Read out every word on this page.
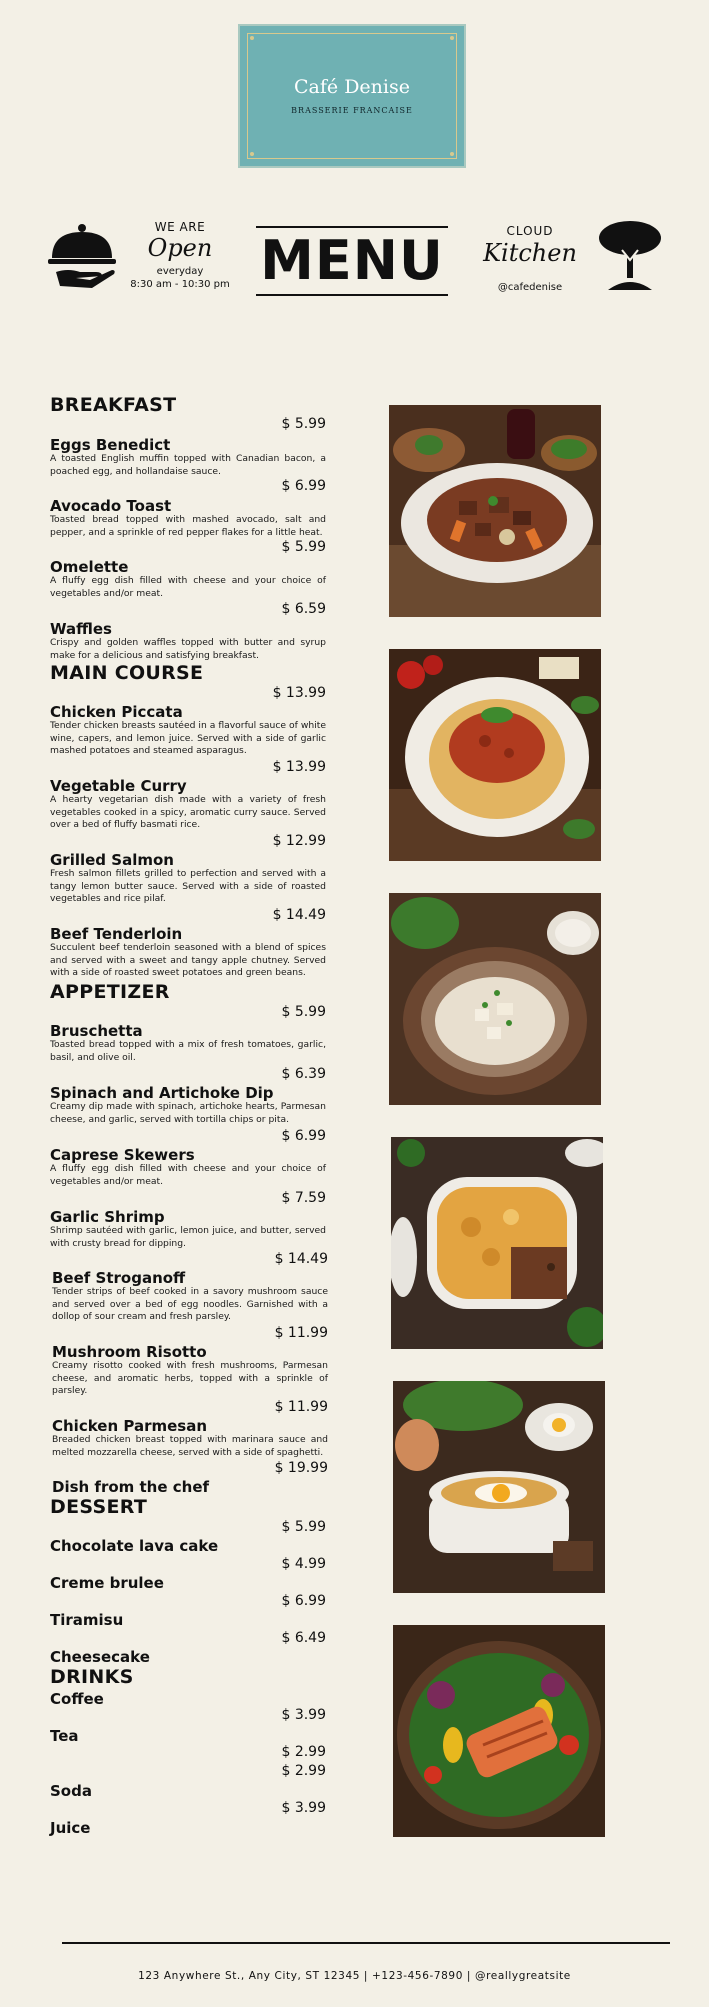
Café Denise
BRASSERIE FRANCAISE
WE ARE
Open
everyday
8:30 am - 10:30 pm MENU	CLOUD
Kitchen
@cafedenise
BREAKFAST
$ 5.99
Eggs Benedict
A toasted English muffin topped with Canadian bacon, a poached egg, and hollandaise sauce.
$ 6.99
Avocado Toast
Toasted bread topped with mashed avocado, salt and pepper, and a sprinkle of red pepper flakes for a little heat.
$ 5.99
Omelette
A fluffy egg dish filled with cheese and your choice of vegetables and/or meat.
$ 6.59
Waffles
Crispy and golden waffles topped with butter and syrup make for a delicious and satisfying breakfast.
MAIN COURSE
$ 13.99
Chicken Piccata
Tender chicken breasts sautéed in a flavorful sauce of white wine, capers, and lemon juice. Served with a side of garlic mashed potatoes and steamed asparagus.
$ 13.99
Vegetable Curry
A hearty vegetarian dish made with a variety of fresh vegetables cooked in a spicy, aromatic curry sauce. Served over a bed of fluffy basmati rice.
$ 12.99
Grilled Salmon
Fresh salmon fillets grilled to perfection and served with a tangy lemon butter sauce. Served with a side of roasted vegetables and rice pilaf.
$ 14.49
Beef Tenderloin
Succulent beef tenderloin seasoned with a blend of spices and served with a sweet and tangy apple chutney. Served with a side of roasted sweet potatoes and green beans.
APPETIZER
$ 5.99
Bruschetta
Toasted bread topped with a mix of fresh tomatoes, garlic, basil, and olive oil.
$ 6.39
Spinach and Artichoke Dip
Creamy dip made with spinach, artichoke hearts, Parmesan cheese, and garlic, served with tortilla chips or pita.
$ 6.99
Caprese Skewers
A fluffy egg dish filled with cheese and your choice of vegetables and/or meat.
$ 7.59
Garlic Shrimp
Shrimp sautéed with garlic, lemon juice, and butter, served with crusty bread for dipping.
$ 14.49
Beef Stroganoff
Tender strips of beef cooked in a savory mushroom sauce and served over a bed of egg noodles. Garnished with a dollop of sour cream and fresh parsley.
$ 11.99
Mushroom Risotto
Creamy risotto cooked with fresh mushrooms, Parmesan cheese, and aromatic herbs, topped with a sprinkle of parsley.
$ 11.99
Chicken Parmesan
Breaded chicken breast topped with marinara sauce and melted mozzarella cheese, served with a side of spaghetti.
$ 19.99
Dish from the chef
DESSERT
$ 5.99
Chocolate lava cake
$ 4.99
Creme brulee
$ 6.99
Tiramisu
$ 6.49
Cheesecake
DRINKS
Coffee
$ 3.99
Tea
$ 2.99
$ 2.99
Soda
$ 3.99
Juice
123 Anywhere St., Any City, ST 12345 | +123-456-7890 | @reallygreatsite
